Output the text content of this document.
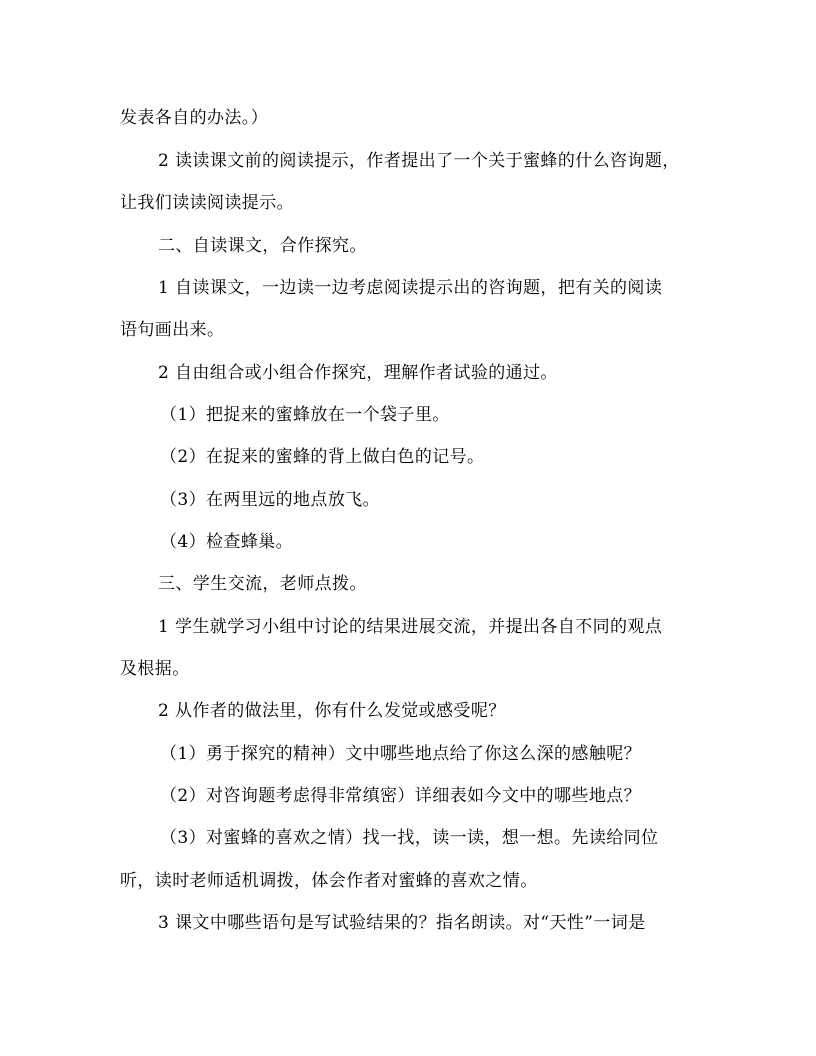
发表各自的办法。）
2 读读课文前的阅读提示，作者提出了一个关于蜜蜂的什么咨询题，
让我们读读阅读提示。
二、自读课文，合作探究。
1 自读课文，一边读一边考虑阅读提示出的咨询题，把有关的阅读
语句画出来。
2 自由组合或小组合作探究，理解作者试验的通过。
（1）把捉来的蜜蜂放在一个袋子里。
（2）在捉来的蜜蜂的背上做白色的记号。
（3）在两里远的地点放飞。
（4）检查蜂巢。
三、学生交流，老师点拨。
1 学生就学习小组中讨论的结果进展交流，并提出各自不同的观点
及根据。
2 从作者的做法里，你有什么发觉或感受呢？
（1）勇于探究的精神）文中哪些地点给了你这么深的感触呢？
（2）对咨询题考虑得非常缜密）详细表如今文中的哪些地点？
（3）对蜜蜂的喜欢之情）找一找，读一读，想一想。先读给同位
听，读时老师适机调拨，体会作者对蜜蜂的喜欢之情。
3 课文中哪些语句是写试验结果的？指名朗读。对“天性”一词是
